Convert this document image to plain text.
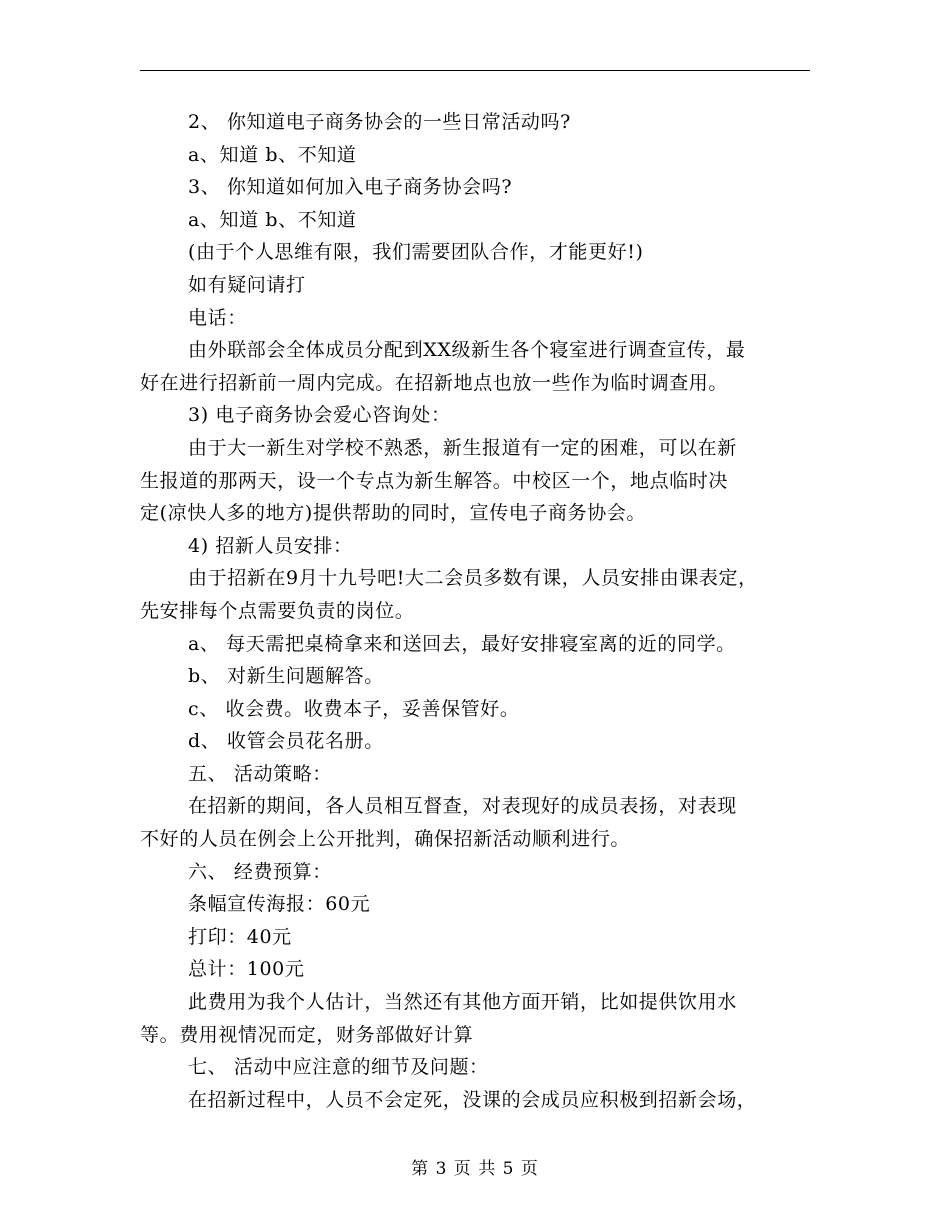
2、 你知道电子商务协会的一些日常活动吗?
a、知道 b、不知道
3、 你知道如何加入电子商务协会吗?
a、知道 b、不知道
(由于个人思维有限，我们需要团队合作，才能更好!)
如有疑问请打
电话：
由外联部会全体成员分配到XX级新生各个寝室进行调查宣传，最
好在进行招新前一周内完成。在招新地点也放一些作为临时调查用。
3) 电子商务协会爱心咨询处：
由于大一新生对学校不熟悉，新生报道有一定的困难，可以在新
生报道的那两天，设一个专点为新生解答。中校区一个，地点临时决
定(凉快人多的地方)提供帮助的同时，宣传电子商务协会。
4) 招新人员安排：
由于招新在9月十九号吧!大二会员多数有课，人员安排由课表定，
先安排每个点需要负责的岗位。
a、 每天需把桌椅拿来和送回去，最好安排寝室离的近的同学。
b、 对新生问题解答。
c、 收会费。收费本子，妥善保管好。
d、 收管会员花名册。
五、 活动策略：
在招新的期间，各人员相互督查，对表现好的成员表扬，对表现
不好的人员在例会上公开批判，确保招新活动顺利进行。
六、 经费预算：
条幅宣传海报：60元
打印：40元
总计：100元
此费用为我个人估计，当然还有其他方面开销，比如提供饮用水
等。费用视情况而定，财务部做好计算
七、 活动中应注意的细节及问题：
在招新过程中，人员不会定死，没课的会成员应积极到招新会场，
第 3 页 共 5 页
